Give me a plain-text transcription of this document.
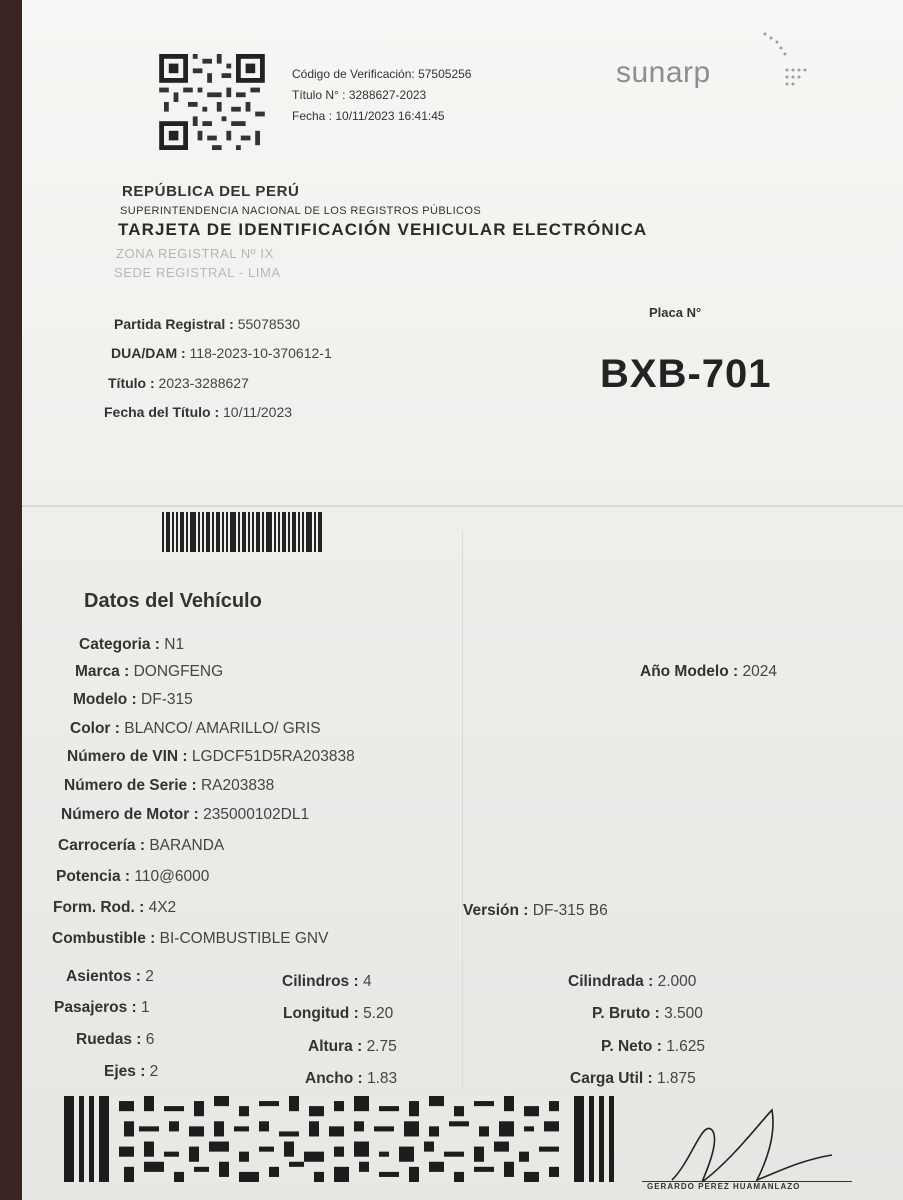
Código de Verificación: 57505256
Título N° : 3288627-2023
Fecha : 10/11/2023 16:41:45
sunarp
REPÚBLICA DEL PERÚ
SUPERINTENDENCIA NACIONAL DE LOS REGISTROS PÚBLICOS
TARJETA DE IDENTIFICACIÓN VEHICULAR ELECTRÓNICA
ZONA REGISTRAL Nº IX
SEDE REGISTRAL - LIMA
Partida Registral : 55078530
DUA/DAM : 118-2023-10-370612-1
Título : 2023-3288627
Fecha del Título : 10/11/2023
Placa N°
BXB-701
Datos del Vehículo
Categoria : N1
Marca : DONGFENG	Año Modelo : 2024
Modelo : DF-315
Color : BLANCO/ AMARILLO/ GRIS
Número de VIN : LGDCF51D5RA203838
Número de Serie : RA203838
Número de Motor : 235000102DL1
Carrocería : BARANDA
Potencia : 110@6000
Form. Rod. : 4X2	Versión : DF-315 B6
Combustible : BI-COMBUSTIBLE GNV
Asientos : 2
Pasajeros : 1
Ruedas : 6
Ejes : 2
Cilindros : 4
Longitud : 5.20
Altura : 2.75
Ancho : 1.83
Cilindrada : 2.000
P. Bruto : 3.500
P. Neto : 1.625
Carga Util : 1.875
GERARDO PEREZ HUAMANLAZO
